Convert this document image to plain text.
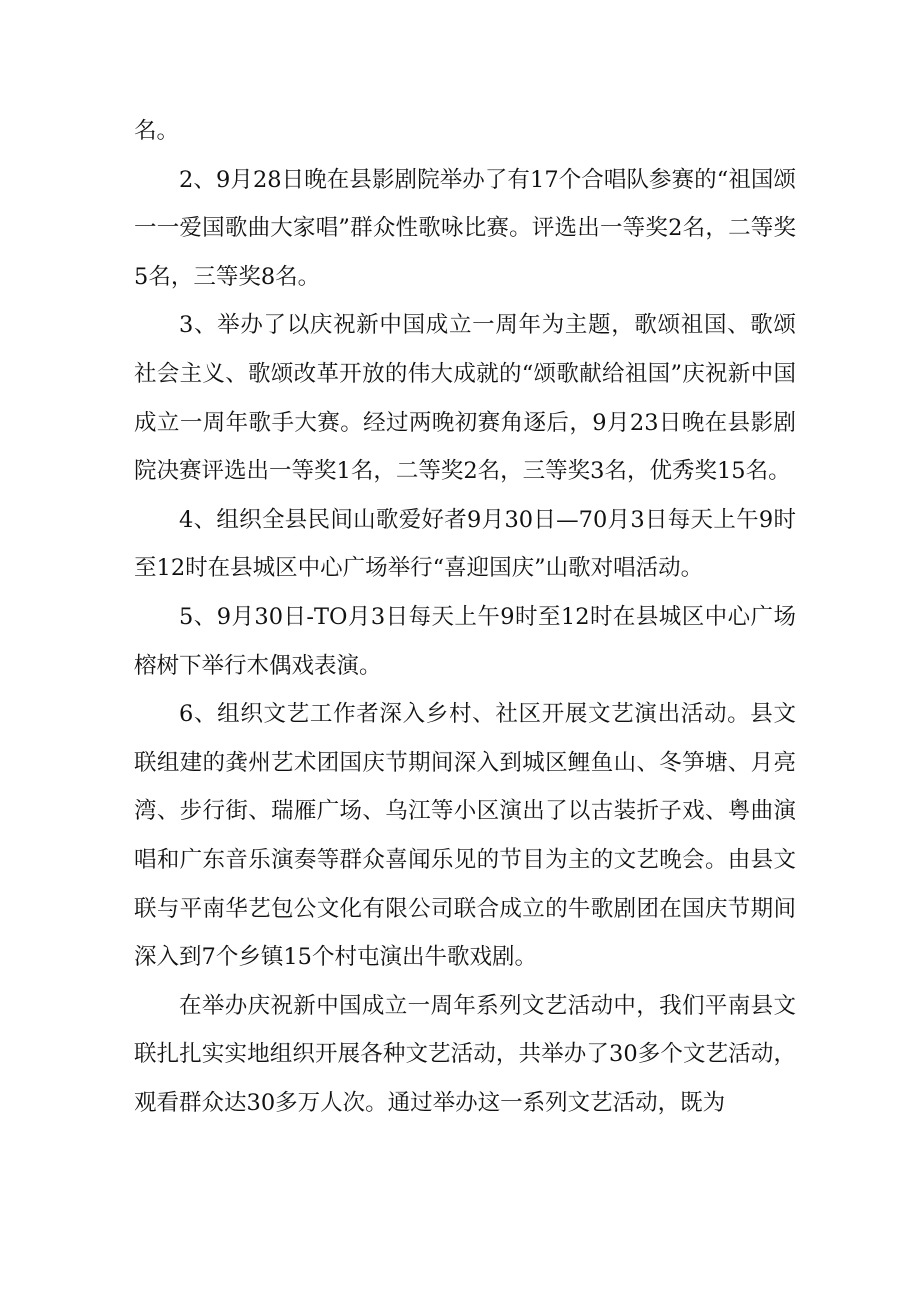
名。

2、9月28日晚在县影剧院举办了有17个合唱队参赛的“祖国颂一一爱国歌曲大家唱”群众性歌咏比赛。评选出一等奖2名，二等奖5名，三等奖8名。

3、举办了以庆祝新中国成立一周年为主题，歌颂祖国、歌颂社会主义、歌颂改革开放的伟大成就的“颂歌献给祖国”庆祝新中国成立一周年歌手大赛。经过两晚初赛角逐后，9月23日晚在县影剧院决赛评选出一等奖1名，二等奖2名，三等奖3名，优秀奖15名。

4、组织全县民间山歌爱好者9月30日—70月3日每天上午9时至12时在县城区中心广场举行“喜迎国庆”山歌对唱活动。

5、9月30日-TO月3日每天上午9时至12时在县城区中心广场榕树下举行木偶戏表演。

6、组织文艺工作者深入乡村、社区开展文艺演出活动。县文联组建的龚州艺术团国庆节期间深入到城区鲤鱼山、冬笋塘、月亮湾、步行街、瑞雁广场、乌江等小区演出了以古装折子戏、粤曲演唱和广东音乐演奏等群众喜闻乐见的节目为主的文艺晚会。由县文联与平南华艺包公文化有限公司联合成立的牛歌剧团在国庆节期间深入到7个乡镇15个村屯演出牛歌戏剧。

在举办庆祝新中国成立一周年系列文艺活动中，我们平南县文联扎扎实实地组织开展各种文艺活动，共举办了30多个文艺活动，观看群众达30多万人次。通过举办这一系列文艺活动，既为
